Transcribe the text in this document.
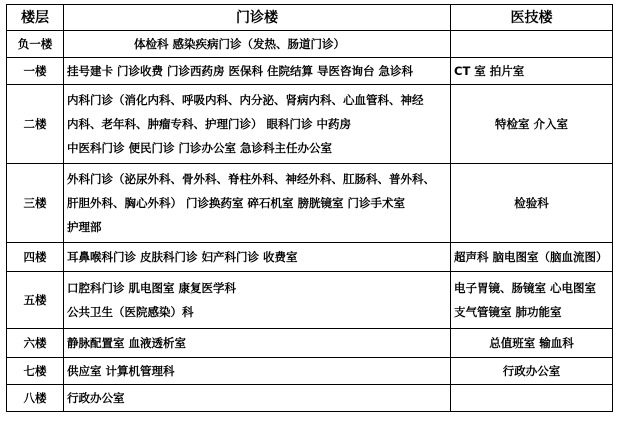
楼层	门诊楼	医技楼
负一楼	体检科 感染疾病门诊（发热、肠道门诊）	

一楼	挂号建卡 门诊收费 门诊西药房 医保科 住院结算 导医咨询台 急诊科	CT 室 拍片室

二楼	内科门诊（消化内科、呼吸内科、内分泌、肾病内科、心血管科、神经
内科、老年科、肿瘤专科、护理门诊） 眼科门诊 中药房
中医科门诊 便民门诊 门诊办公室 急诊科主任办公室	特检室 介入室

三楼	外科门诊（泌尿外科、骨外科、脊柱外科、神经外科、肛肠科、普外科、
肝胆外科、胸心外科） 门诊换药室 碎石机室 膀胱镜室 门诊手术室
护理部	检验科

四楼	耳鼻喉科门诊 皮肤科门诊 妇产科门诊 收费室	超声科 脑电图室（脑血流图）

五楼	口腔科门诊 肌电图室 康复医学科
公共卫生（医院感染）科	电子胃镜、肠镜室 心电图室
支气管镜室 肺功能室

六楼	静脉配置室 血液透析室	总值班室 输血科

七楼	供应室 计算机管理科	行政办公室

八楼	行政办公室	
